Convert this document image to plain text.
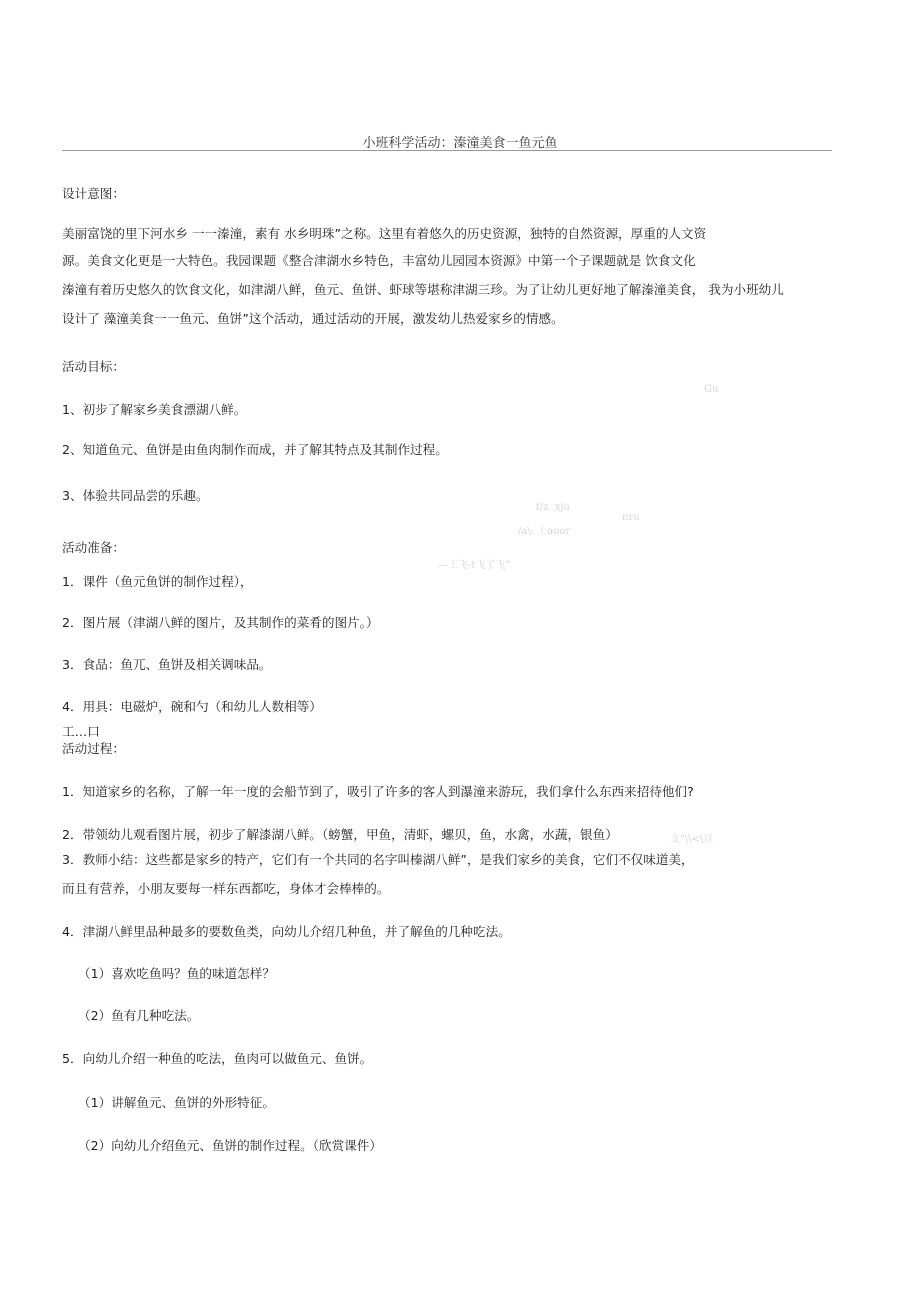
小班科学活动：溱潼美食一鱼元鱼
设计意图：
美丽富饶的里下河水乡 一一溱潼，素有 水乡明珠”之称。这里有着悠久的历史资源，独特的自然资源，厚重的人文资
源。美食文化更是一大特色。我园课题《整合津湖水乡特色，丰富幼儿园园本资源》中第一个子课题就是 饮食文化
溱潼有着历史悠久的饮食文化，如津湖八鲜，鱼元、鱼饼、虾球等堪称津湖三珍。为了让幼儿更好地了解溱潼美食， 我为小班幼儿
设计了 藻潼美食一一鱼元、鱼饼”这个活动，通过活动的开展，激发幼儿热爱家乡的情感。
活动目标：
1、初步了解家乡美食漂湖八鲜。
2、知道鱼元、鱼饼是由鱼肉制作而成，并了解其特点及其制作过程。
3、体验共同品尝的乐趣。
活动准备：
1．课件（鱼元鱼饼的制作过程），
2．图片展（津湖八鲜的图片，及其制作的菜肴的图片。）
3．食品：鱼兀、鱼饼及相关调味品。
4．用具：电磁炉，碗和勺（和幼儿人数相等）
工…口
活动过程：
1．知道家乡的名称，了解一年一度的会船节到了，吸引了许多的客人到瀑潼来游玩，我们拿什么东西来招待他们?
2．带领幼儿观看图片展，初步了解漆湖八鲜。（螃蟹，甲鱼，清虾，螺贝，鱼，水禽，水蔬，银鱼）
3．教师小结：这些都是家乡的特产，它们有一个共同的名字叫榛湖八鲜”，是我们家乡的美食，它们不仅味道美，
而且有营养，小朋友要每一样东西都吃，身体才会棒棒的。
4．津湖八鲜里品种最多的要数鱼类，向幼儿介绍几种鱼，并了解鱼的几种吃法。
（1）喜欢吃鱼吗？鱼的味道怎样？
（2）鱼有几种吃法。
5．向幼儿介绍一种鱼的吃法，鱼肉可以做鱼元、鱼饼。
（1）讲解鱼元、鱼饼的外形特征。
（2）向幼儿介绍鱼元、鱼饼的制作过程。（欣赏课件）
Gu
f/z. xju
nru
/a\: 上aoor
—工飞-t飞了飞”
攴"\\<\亘
